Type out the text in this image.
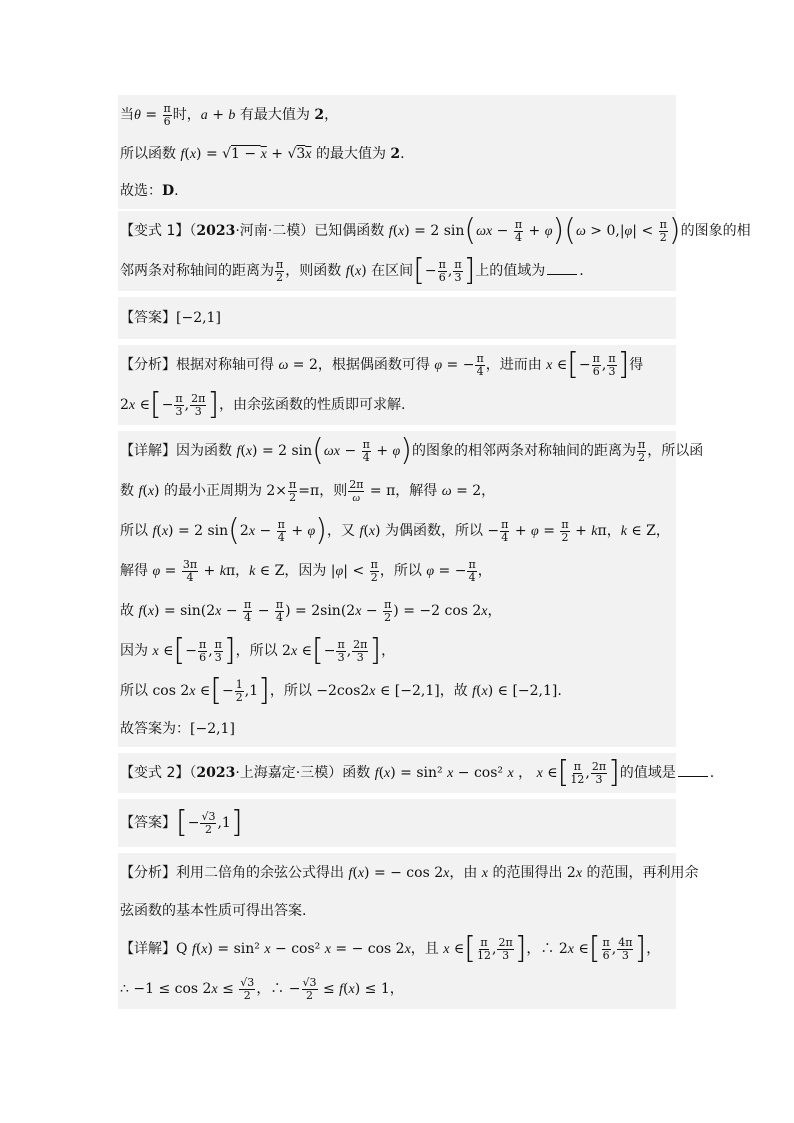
当$\theta = \frac{\pi}{6}$ 时，a + b 有最大值为 2，
所以函数 f(x) = √1 − x + √3x 的最大值为 2.
故选：D.
【变式 1】（2023·河南·二模）已知偶函数 f(x) = 2 $\sin(\omega x - \frac{\pi}{4} + \varphi)(\omega > 0,|\varphi| < \frac{\pi}{2}$ )的图象的相
邻两条对称轴间的距离为 $\frac{\pi}{2}$ ，则函数 f(x) 在区间[− $\frac{\pi}{6}$ , $\frac{\pi}{3}$ ]上的值域为 .
【答案】[−2,1]
【分析】根据对称轴可得 ω = 2，根据偶函数可得 φ = − $\frac{\pi}{4}$ ，进而由 x ∈[− $\frac{\pi}{6}$ , $\frac{\pi}{3}$ ]得
2x ∈[− $\frac{\pi}{3}$ , $\frac{2\pi}{3}$ ]，由余弦函数的性质即可求解.
【详解】因为函数 f(x) = 2 $\sin(\omega x - \frac{\pi}{4} + \varphi)$的图象的相邻两条对称轴间的距离为 $\frac{\pi}{2}$ ，所以函
数 f(x) 的最小正周期为 $2\times \frac{\pi}{2} =\pi$，则 $\frac{2\pi}{\omega} = \pi$，解得 ω = 2，
所以 f(x) = 2 $\sin(2x - \frac{\pi}{4} + \varphi)$，又 f(x) 为偶函数，所以 − $\frac{\pi}{4} + \varphi = \frac{\pi}{2} + k\pi$，k ∈ Z，
解得 $\varphi = \frac{3\pi}{4} + k\pi$，k ∈ Z，因为 $|\varphi| < \frac{\pi}{2}$ ，所以 φ = − $\frac{\pi}{4}$ ，
故 $f(x) = \sin(2x - \frac{\pi}{4} - \frac{\pi}{4}$ ) = $2\sin(2x - \frac{\pi}{2}$ ) = −2 cos 2x，
因为 x ∈[− $\frac{\pi}{6}$ , $\frac{\pi}{3}$ ]，所以 2x ∈[− $\frac{\pi}{3}$ , $\frac{2\pi}{3}$ ]，
所以 cos 2x ∈[− $\frac{1}{2} ,1$]，所以 −2cos2x ∈ [−2,1]，故 f(x) ∈ [−2,1].
故答案为：[−2,1]
【变式 2】（2023·上海嘉定·三模）函数 f(x) = sin² x − cos² x ， x ∈[ $\frac{\pi}{12}$ , $\frac{2\pi}{3}$ ]的值域是 .
【答案】[− $\frac{√3}{2} ,1$]
【分析】利用二倍角的余弦公式得出 f(x) = − cos 2x，由 x 的范围得出 2x 的范围，再利用余
弦函数的基本性质可得出答案.
【详解】Q f(x) = sin² x − cos² x = − cos 2x，且 x ∈[ $\frac{\pi}{12}$ , $\frac{2\pi}{3}$ ]，∴ 2x ∈[ $\frac{\pi}{6}$ , $\frac{4\pi}{3}$ ]，
∴ $-1 \le \cos 2x \le \frac{√3}{2}$ ，∴ − $\frac{√3}{2} \le f(x) \le 1$，
